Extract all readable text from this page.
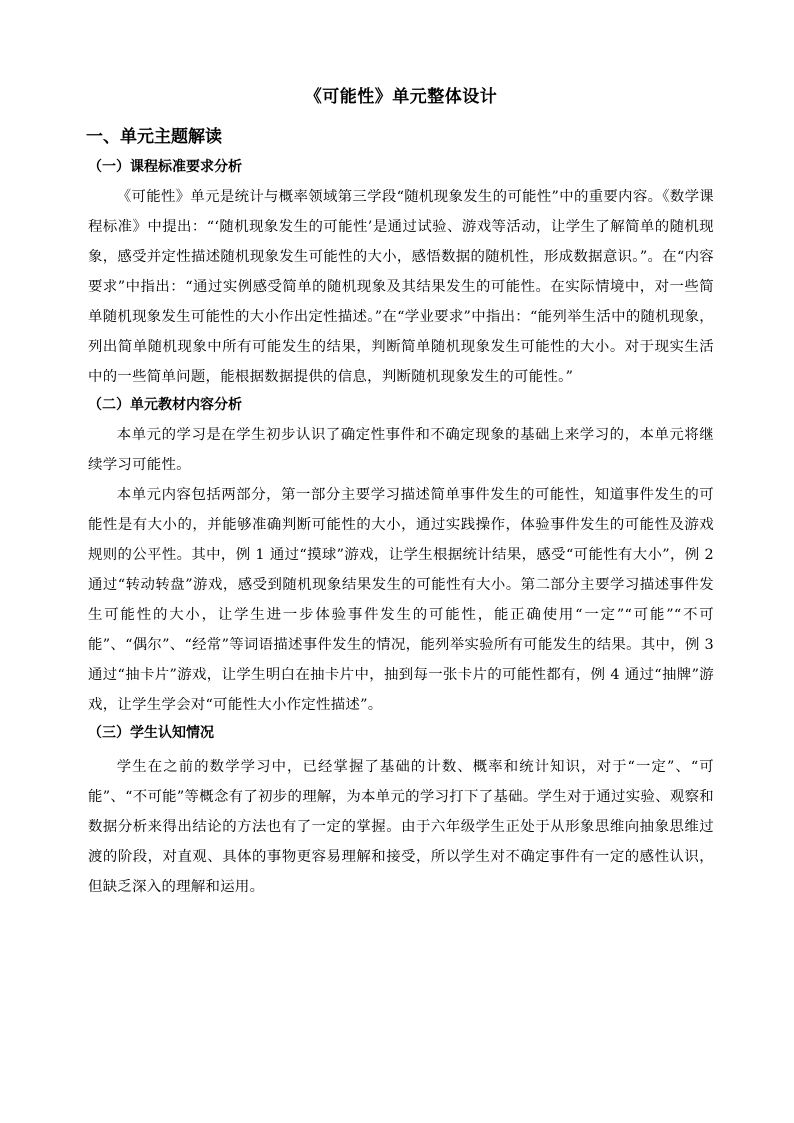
《可能性》单元整体设计
一、单元主题解读
（一）课程标准要求分析

《可能性》单元是统计与概率领域第三学段“随机现象发生的可能性”中的重要内容。《数学课程标准》中提出：“‘随机现象发生的可能性’是通过试验、游戏等活动，让学生了解简单的随机现象，感受并定性描述随机现象发生可能性的大小，感悟数据的随机性，形成数据意识。”。在“内容要求”中指出：“通过实例感受简单的随机现象及其结果发生的可能性。在实际情境中，对一些简单随机现象发生可能性的大小作出定性描述。”在“学业要求”中指出：“能列举生活中的随机现象，列出简单随机现象中所有可能发生的结果，判断简单随机现象发生可能性的大小。对于现实生活中的一些简单问题，能根据数据提供的信息，判断随机现象发生的可能性。”

（二）单元教材内容分析

本单元的学习是在学生初步认识了确定性事件和不确定现象的基础上来学习的，本单元将继续学习可能性。

本单元内容包括两部分，第一部分主要学习描述简单事件发生的可能性，知道事件发生的可能性是有大小的，并能够准确判断可能性的大小，通过实践操作，体验事件发生的可能性及游戏规则的公平性。其中，例 1 通过“摸球”游戏，让学生根据统计结果，感受“可能性有大小”，例 2 通过“转动转盘”游戏，感受到随机现象结果发生的可能性有大小。第二部分主要学习描述事件发生可能性的大小，让学生进一步体验事件发生的可能性，能正确使用“一定”“可能”“不可能”、“偶尔”、“经常”等词语描述事件发生的情况，能列举实验所有可能发生的结果。其中，例 3 通过“抽卡片”游戏，让学生明白在抽卡片中，抽到每一张卡片的可能性都有，例 4 通过“抽牌”游戏，让学生学会对“可能性大小作定性描述”。

（三）学生认知情况

学生在之前的数学学习中，已经掌握了基础的计数、概率和统计知识，对于“一定”、“可能”、“不可能”等概念有了初步的理解，为本单元的学习打下了基础。学生对于通过实验、观察和数据分析来得出结论的方法也有了一定的掌握。由于六年级学生正处于从形象思维向抽象思维过渡的阶段，对直观、具体的事物更容易理解和接受，所以学生对不确定事件有一定的感性认识，但缺乏深入的理解和运用。
